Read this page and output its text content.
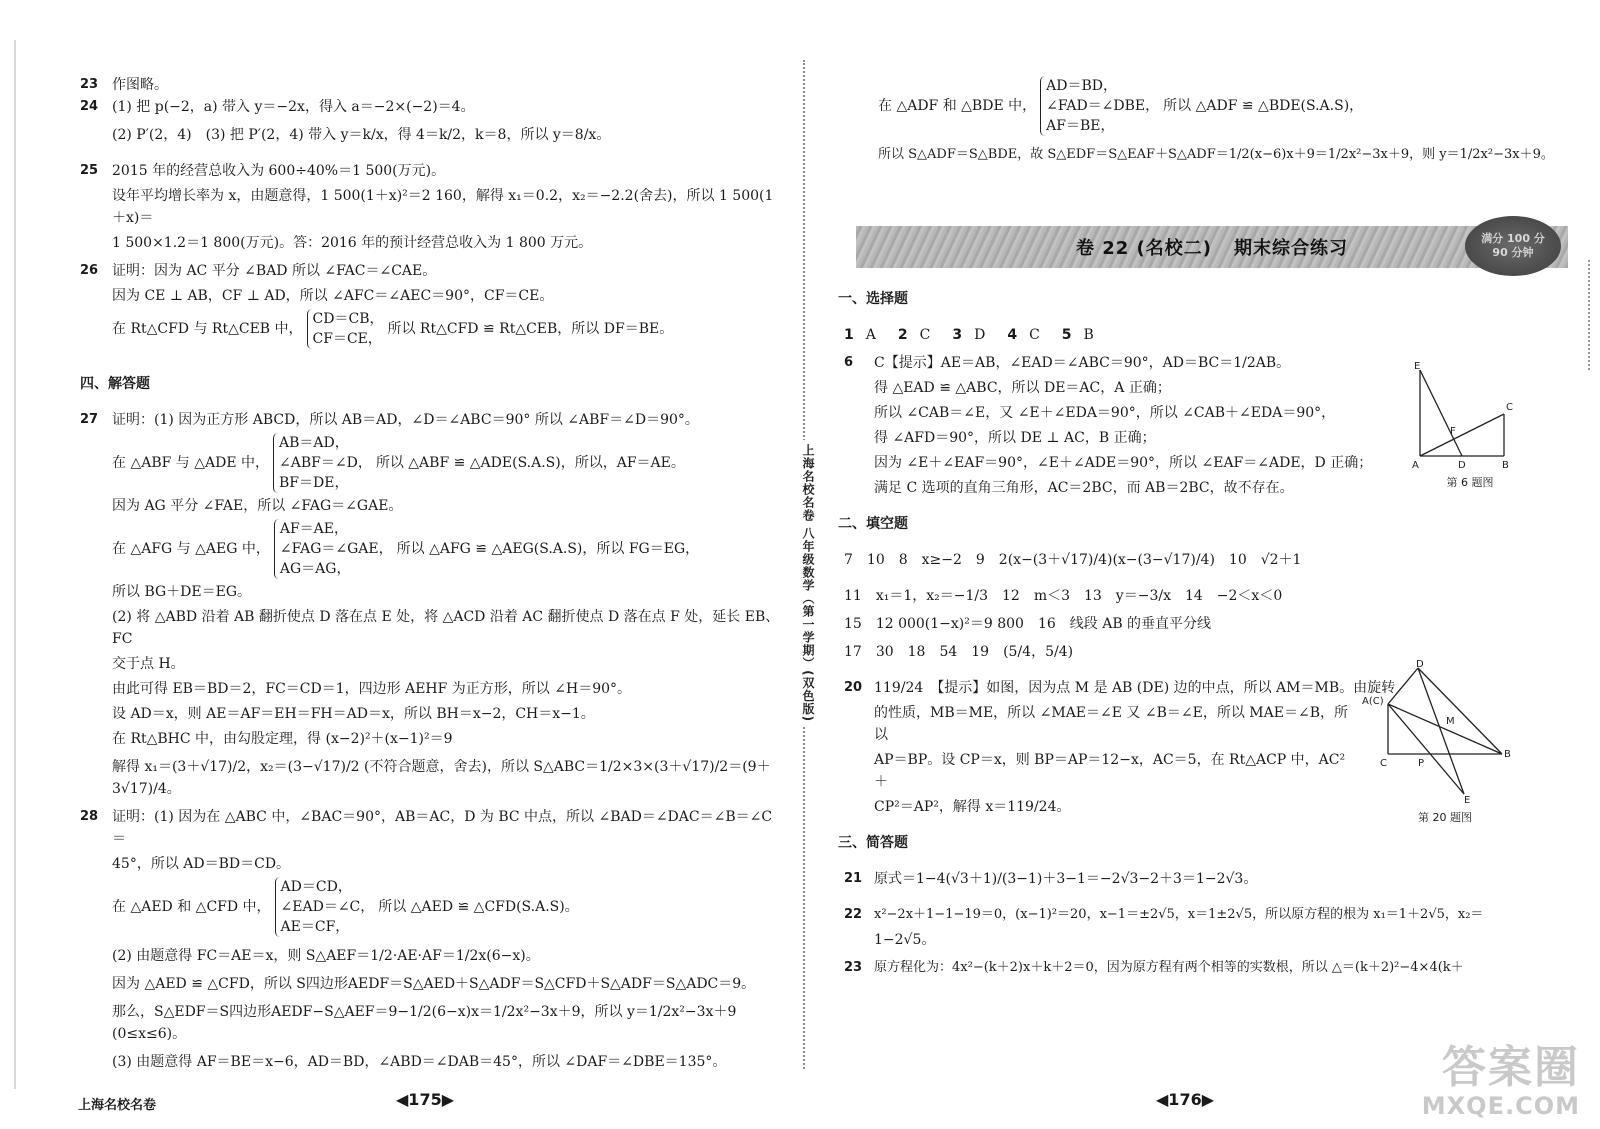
上海名校名卷 八年级数学（第一学期）(双色版)
23 作图略。

24 (1) 把 p(−2，a) 带入 y＝−2x，得入 a＝−2×(−2)＝4。

(2) P′(2，4)　(3) 把 P′(2，4) 带入 y＝k/x，得 4＝k/2，k＝8，所以 y＝8/x。

25 2015 年的经营总收入为 600÷40%＝1 500(万元)。

设年平均增长率为 x，由题意得，1 500(1＋x)²＝2 160，解得 x₁＝0.2，x₂＝−2.2(舍去)，所以 1 500(1＋x)＝

1 500×1.2＝1 800(万元)。答：2016 年的预计经营总收入为 1 800 万元。

26 证明：因为 AC 平分 ∠BAD 所以 ∠FAC＝∠CAE。

因为 CE ⊥ AB，CF ⊥ AD，所以 ∠AFC＝∠AEC＝90°，CF＝CE。

在 Rt△CFD 与 Rt△CEB 中，
CD＝CB，
CF＝CE，
所以 Rt△CFD ≌ Rt△CEB，所以 DF＝BE。

四、解答题

27 证明：(1) 因为正方形 ABCD，所以 AB＝AD，∠D＝∠ABC＝90° 所以 ∠ABF＝∠D＝90°。

在 △ABF 与 △ADE 中，
AB＝AD，
∠ABF＝∠D，
BF＝DE，
所以 △ABF ≌ △ADE(S.A.S)，所以，AF＝AE。

因为 AG 平分 ∠FAE，所以 ∠FAG＝∠GAE。

在 △AFG 与 △AEG 中，
AF＝AE，
∠FAG＝∠GAE，
AG＝AG，
所以 △AFG ≌ △AEG(S.A.S)，所以 FG＝EG，

所以 BG＋DE＝EG。

(2) 将 △ABD 沿着 AB 翻折使点 D 落在点 E 处，将 △ACD 沿着 AC 翻折使点 D 落在点 F 处，延长 EB、FC

交于点 H。

由此可得 EB＝BD＝2，FC＝CD＝1，四边形 AEHF 为正方形，所以 ∠H＝90°。

设 AD＝x，则 AE＝AF＝EH＝FH＝AD＝x，所以 BH＝x−2，CH＝x−1。

在 Rt△BHC 中，由勾股定理，得 (x−2)²＋(x−1)²＝9

解得 x₁＝(3＋√17)/2，x₂＝(3−√17)/2 (不符合题意，舍去)，所以 S△ABC＝1/2×3×(3＋√17)/2＝(9＋3√17)/4。

28 证明：(1) 因为在 △ABC 中，∠BAC＝90°，AB＝AC，D 为 BC 中点，所以 ∠BAD＝∠DAC＝∠B＝∠C＝

45°，所以 AD＝BD＝CD。

在 △AED 和 △CFD 中，
AD＝CD，
∠EAD＝∠C，
AE＝CF，
所以 △AED ≌ △CFD(S.A.S)。

(2) 由题意得 FC＝AE＝x，则 S△AEF＝1/2·AE·AF＝1/2x(6−x)。

因为 △AED ≌ △CFD，所以 S四边形AEDF＝S△AED＋S△ADF＝S△CFD＋S△ADF＝S△ADC＝9。

那么，S△EDF＝S四边形AEDF−S△AEF＝9−1/2(6−x)x＝1/2x²−3x＋9，所以 y＝1/2x²−3x＋9 (0≤x≤6)。

(3) 由题意得 AF＝BE＝x−6，AD＝BD，∠ABD＝∠DAB＝45°，所以 ∠DAF＝∠DBE＝135°。

上海名校名卷	◀175▶
在 △ADF 和 △BDE 中，
AD＝BD，
∠FAD＝∠DBE，
AF＝BE，
所以 △ADF ≌ △BDE(S.A.S)，

所以 S△ADF＝S△BDE，故 S△EDF＝S△EAF＋S△ADF＝1/2(x−6)x＋9＝1/2x²−3x＋9，则 y＝1/2x²−3x＋9。

卷 22 (名校二) 期末综合练习	满分 100 分
90 分钟

一、选择题

1 A 2 C 3 D 4 C 5 B
6 C【提示】AE＝AB，∠EAD＝∠ABC＝90°，AD＝BC＝1/2AB。

得 △EAD ≌ △ABC，所以 DE＝AC，A 正确；

所以 ∠CAB＝∠E，又 ∠E＋∠EDA＝90°，所以 ∠CAB＋∠EDA＝90°，

得 ∠AFD＝90°，所以 DE ⊥ AC，B 正确；

因为 ∠E＋∠EAF＝90°，∠E＋∠ADE＝90°，所以 ∠EAF＝∠ADE，D 正确；

满足 C 选项的直角三角形，AC＝2BC，而 AB＝2BC，故不存在。

二、填空题

7　10　8　x≥−2　9　2(x−(3＋√17)/4)(x−(3−√17)/4)　10　√2＋1

11　x₁＝1，x₂＝−1/3　12　m＜3　13　y＝−3/x　14　−2＜x＜0

15　12 000(1−x)²＝9 800　16　线段 AB 的垂直平分线

17　30　18　54　19　(5/4，5/4)

20 119/24　【提示】如图，因为点 M 是 AB (DE) 边的中点，所以 AM＝MB。由旋转

的性质，MB＝ME，所以 ∠MAE＝∠E 又 ∠B＝∠E，所以 MAE＝∠B，所以

AP＝BP。设 CP＝x，则 BP＝AP＝12−x，AC＝5，在 Rt△ACP 中，AC²＋

CP²＝AP²，解得 x＝119/24。

三、简答题

21 原式＝1−4(√3＋1)/(3−1)＋3−1＝−2√3−2＋3＝1−2√3。

22 x²−2x＋1−1−19＝0，(x−1)²＝20，x−1＝±2√5，x＝1±2√5，所以原方程的根为 x₁＝1＋2√5，x₂＝

1−2√5。

23 原方程化为：4x²−(k＋2)x＋k＋2＝0，因为原方程有两个相等的实数根，所以 △＝(k＋2)²−4×4(k＋

E
C
F
A	D	B
第 6 题图
D
A(C)
M
C	P
B
E
第 20 题图
◀176▶
答案圈
MXQE.COM
